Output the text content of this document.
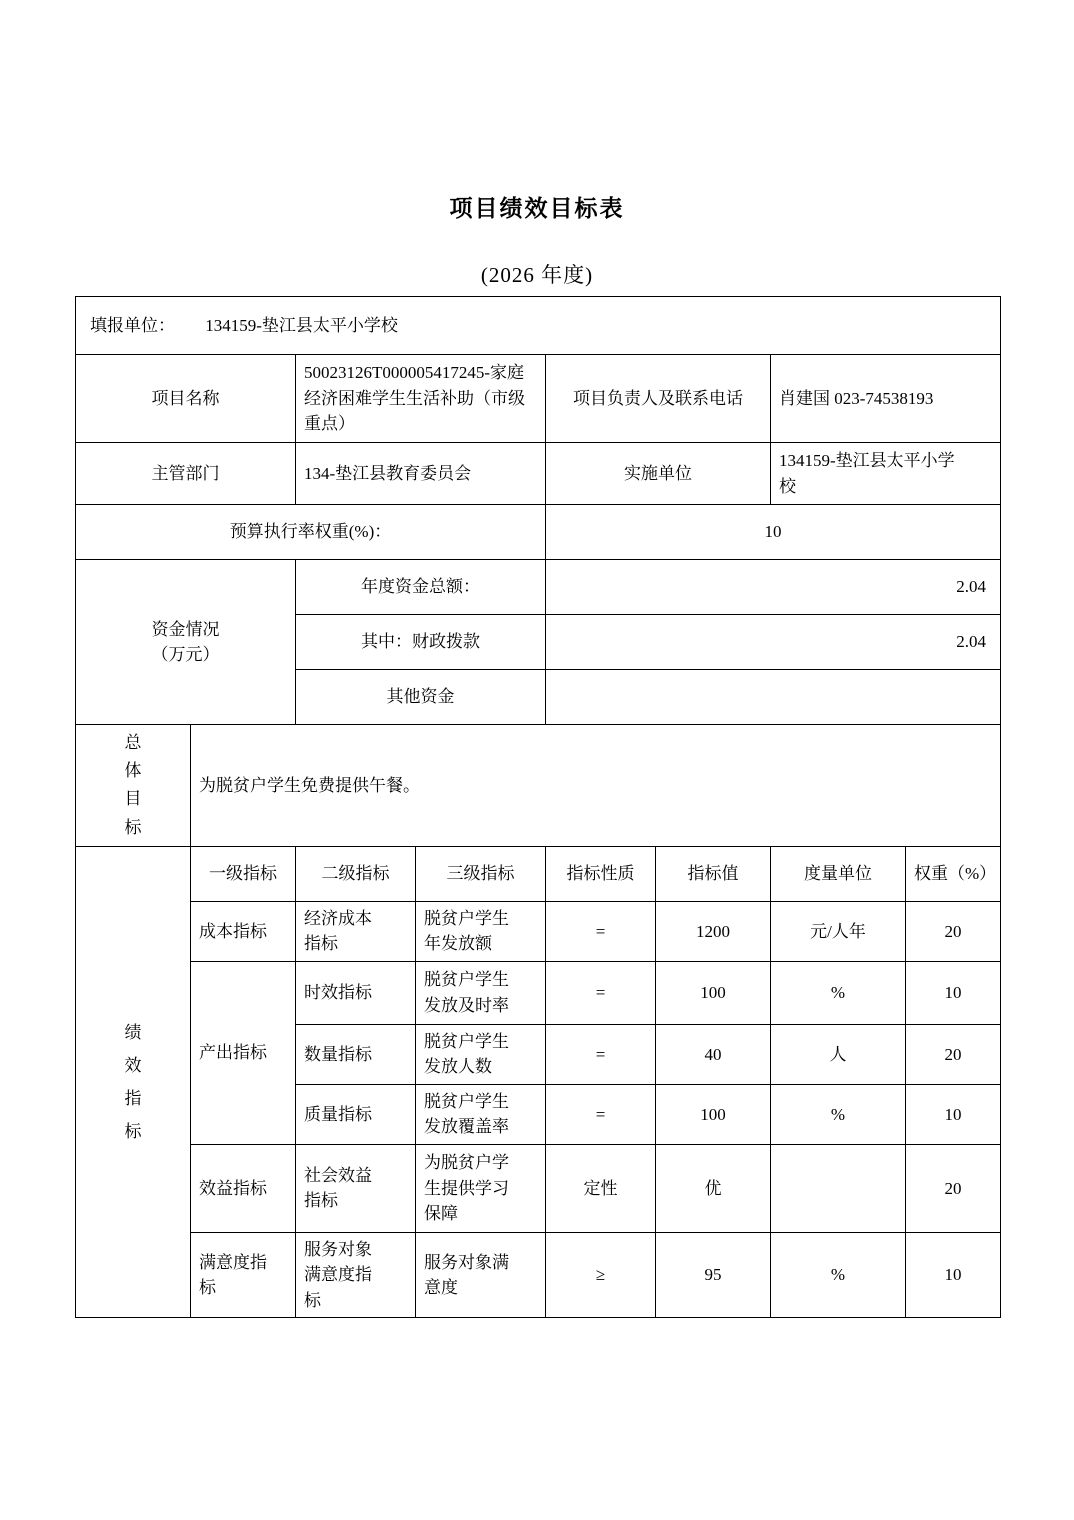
项目绩效目标表
(2026 年度)
填报单位： 134159-垫江县太平小学校							
项目名称		50023126T000005417245-家庭经济困难学生生活补助（市级重点）		项目负责人及联系电话		肖建国 023-74538193	
主管部门		134-垫江县教育委员会		实施单位		134159-垫江县太平小学校	

预算执行率权重(%)：				10			

资金情况（万元）		年度资金总额：		2.04			
		其中：财政拨款		2.04			
		其他资金					

总体目标	为脱贫户学生免费提供午餐。						

绩效指标	一级指标	二级指标	三级指标	指标性质	指标值	度量单位	权重（%）

	成本指标	经济成本指标	脱贫户学生年发放额	=	1200	元/人年	20

	产出指标	时效指标	脱贫户学生发放及时率	=	100	%	10

		数量指标	脱贫户学生发放人数	=	40	人	20

		质量指标	脱贫户学生发放覆盖率	=	100	%	10

	效益指标	社会效益指标	为脱贫户学生提供学习保障	定性	优		20

	满意度指标	服务对象满意度指标	服务对象满意度	≥	95	%	10
